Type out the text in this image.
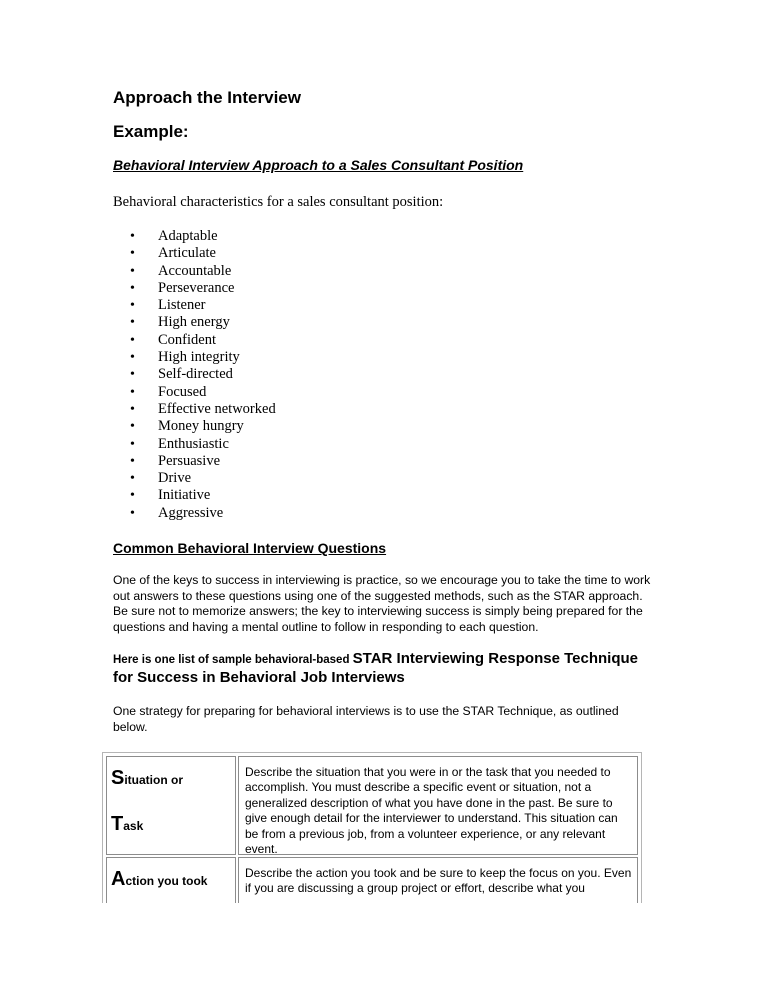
Approach the Interview
Example:
Behavioral Interview Approach to a Sales Consultant Position
Behavioral characteristics for a sales consultant position:
• Adaptable
• Articulate
• Accountable
• Perseverance
• Listener
• High energy
• Confident
• High integrity
• Self-directed
• Focused
• Effective networked
• Money hungry
• Enthusiastic
• Persuasive
• Drive
• Initiative
• Aggressive
Common Behavioral Interview Questions
One of the keys to success in interviewing is practice, so we encourage you to take the time to work out answers to these questions using one of the suggested methods, such as the STAR approach. Be sure not to memorize answers; the key to interviewing success is simply being prepared for the questions and having a mental outline to follow in responding to each question.
Here is one list of sample behavioral-based STAR Interviewing Response Technique for Success in Behavioral Job Interviews
One strategy for preparing for behavioral interviews is to use the STAR Technique, as outlined below.
Situation or
Task
Describe the situation that you were in or the task that you needed to accomplish. You must describe a specific event or situation, not a generalized description of what you have done in the past. Be sure to give enough detail for the interviewer to understand. This situation can be from a previous job, from a volunteer experience, or any relevant event.
Action you took
Describe the action you took and be sure to keep the focus on you. Even if you are discussing a group project or effort, describe what you
